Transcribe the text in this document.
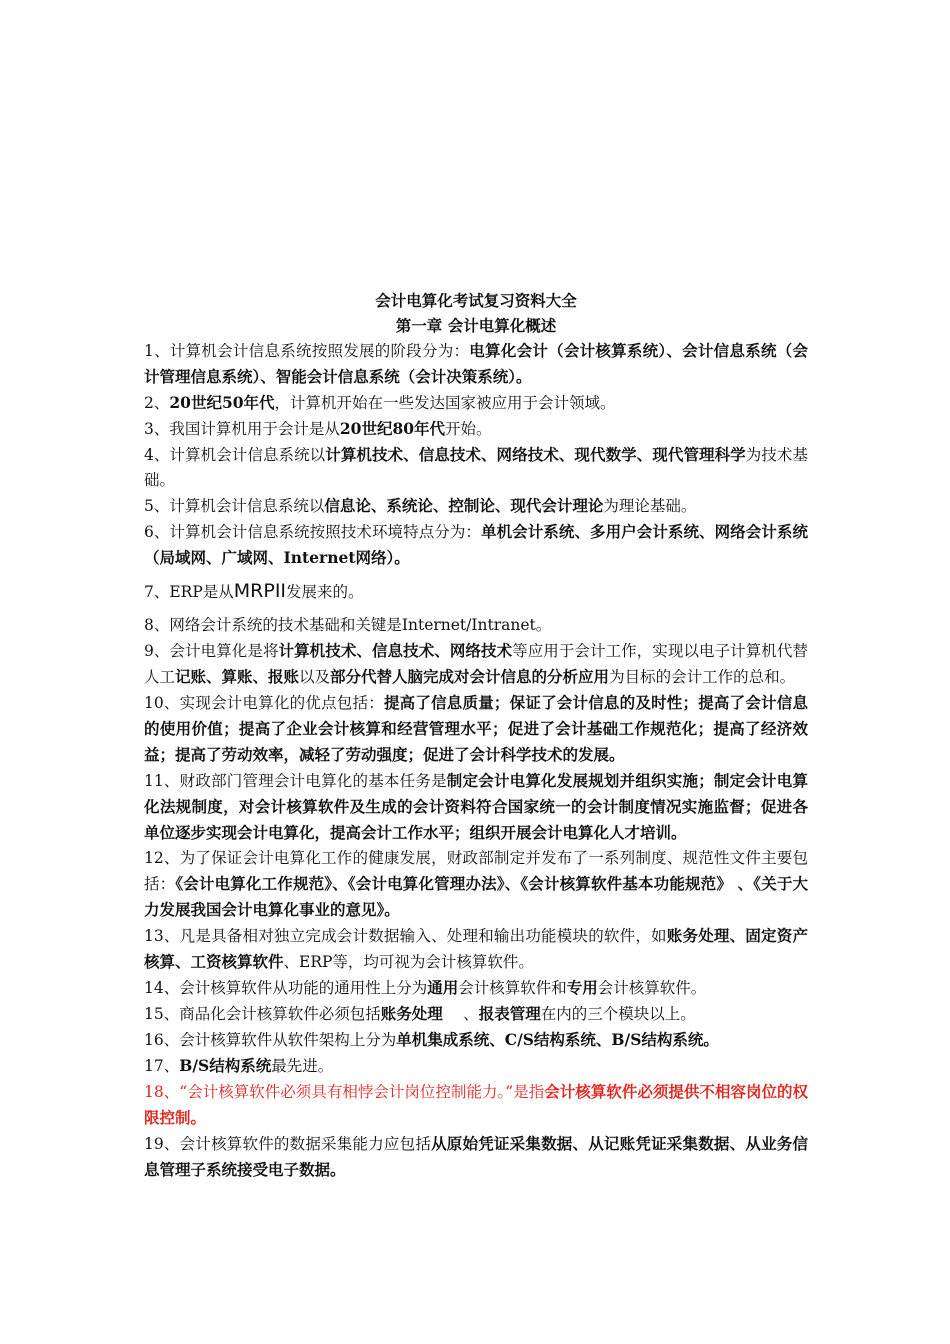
会计电算化考试复习资料大全

第一章 会计电算化概述

1、计算机会计信息系统按照发展的阶段分为：电算化会计（会计核算系统）、会计信息系统（会计管理信息系统）、智能会计信息系统（会计决策系统）。

2、20世纪50年代，计算机开始在一些发达国家被应用于会计领域。

3、我国计算机用于会计是从20世纪80年代开始。

4、计算机会计信息系统以计算机技术、信息技术、网络技术、现代数学、现代管理科学为技术基础。

5、计算机会计信息系统以信息论、系统论、控制论、现代会计理论为理论基础。

6、计算机会计信息系统按照技术环境特点分为：单机会计系统、多用户会计系统、网络会计系统（局域网、广域网、Internet网络）。

7、ERP是从MRPII发展来的。

8、网络会计系统的技术基础和关键是Internet/Intranet。

9、会计电算化是将计算机技术、信息技术、网络技术等应用于会计工作，实现以电子计算机代替人工记账、算账、报账以及部分代替人脑完成对会计信息的分析应用为目标的会计工作的总和。

10、实现会计电算化的优点包括：提高了信息质量；保证了会计信息的及时性；提高了会计信息的使用价值；提高了企业会计核算和经营管理水平；促进了会计基础工作规范化；提高了经济效益；提高了劳动效率，减轻了劳动强度；促进了会计科学技术的发展。

11、财政部门管理会计电算化的基本任务是制定会计电算化发展规划并组织实施；制定会计电算化法规制度，对会计核算软件及生成的会计资料符合国家统一的会计制度情况实施监督；促进各单位逐步实现会计电算化，提高会计工作水平；组织开展会计电算化人才培训。

12、为了保证会计电算化工作的健康发展，财政部制定并发布了一系列制度、规范性文件主要包括：《会计电算化工作规范》、《会计电算化管理办法》、《会计核算软件基本功能规范》 、《关于大力发展我国会计电算化事业的意见》。

13、凡是具备相对独立完成会计数据输入、处理和输出功能模块的软件，如账务处理、固定资产核算、工资核算软件、ERP等，均可视为会计核算软件。

14、会计核算软件从功能的通用性上分为通用会计核算软件和专用会计核算软件。

15、商品化会计核算软件必须包括账务处理　 、报表管理在内的三个模块以上。

16、会计核算软件从软件架构上分为单机集成系统、C/S结构系统、B/S结构系统。

17、B/S结构系统最先进。

18、“会计核算软件必须具有相悖会计岗位控制能力。”是指会计核算软件必须提供不相容岗位的权限控制。

19、会计核算软件的数据采集能力应包括从原始凭证采集数据、从记账凭证采集数据、从业务信息管理子系统接受电子数据。
